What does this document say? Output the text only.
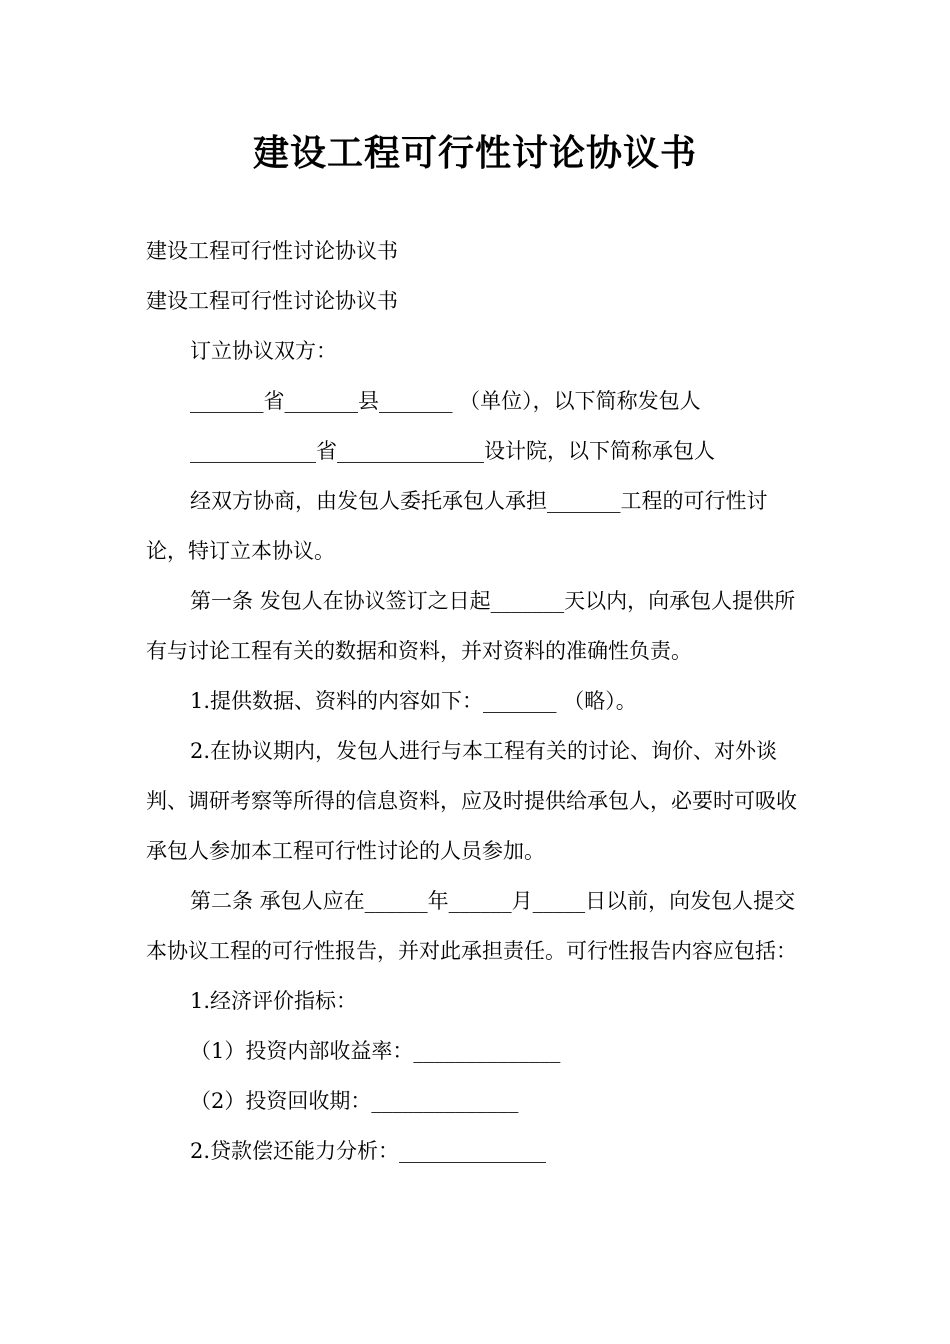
建设工程可行性讨论协议书

建设工程可行性讨论协议书

建设工程可行性讨论协议书

订立协议双方：

_______省_______县_______ （单位），以下简称发包人

____________省______________设计院，以下简称承包人

经双方协商，由发包人委托承包人承担_______工程的可行性讨论，特订立本协议。

第一条 发包人在协议签订之日起_______天以内，向承包人提供所有与讨论工程有关的数据和资料，并对资料的准确性负责。

1.提供数据、资料的内容如下：_______ （略）。

2.在协议期内，发包人进行与本工程有关的讨论、询价、对外谈判、调研考察等所得的信息资料，应及时提供给承包人，必要时可吸收承包人参加本工程可行性讨论的人员参加。

第二条 承包人应在______年______月_____日以前，向发包人提交本协议工程的可行性报告，并对此承担责任。可行性报告内容应包括：

1.经济评价指标：

（1）投资内部收益率：______________

（2）投资回收期：______________

2.贷款偿还能力分析：______________
